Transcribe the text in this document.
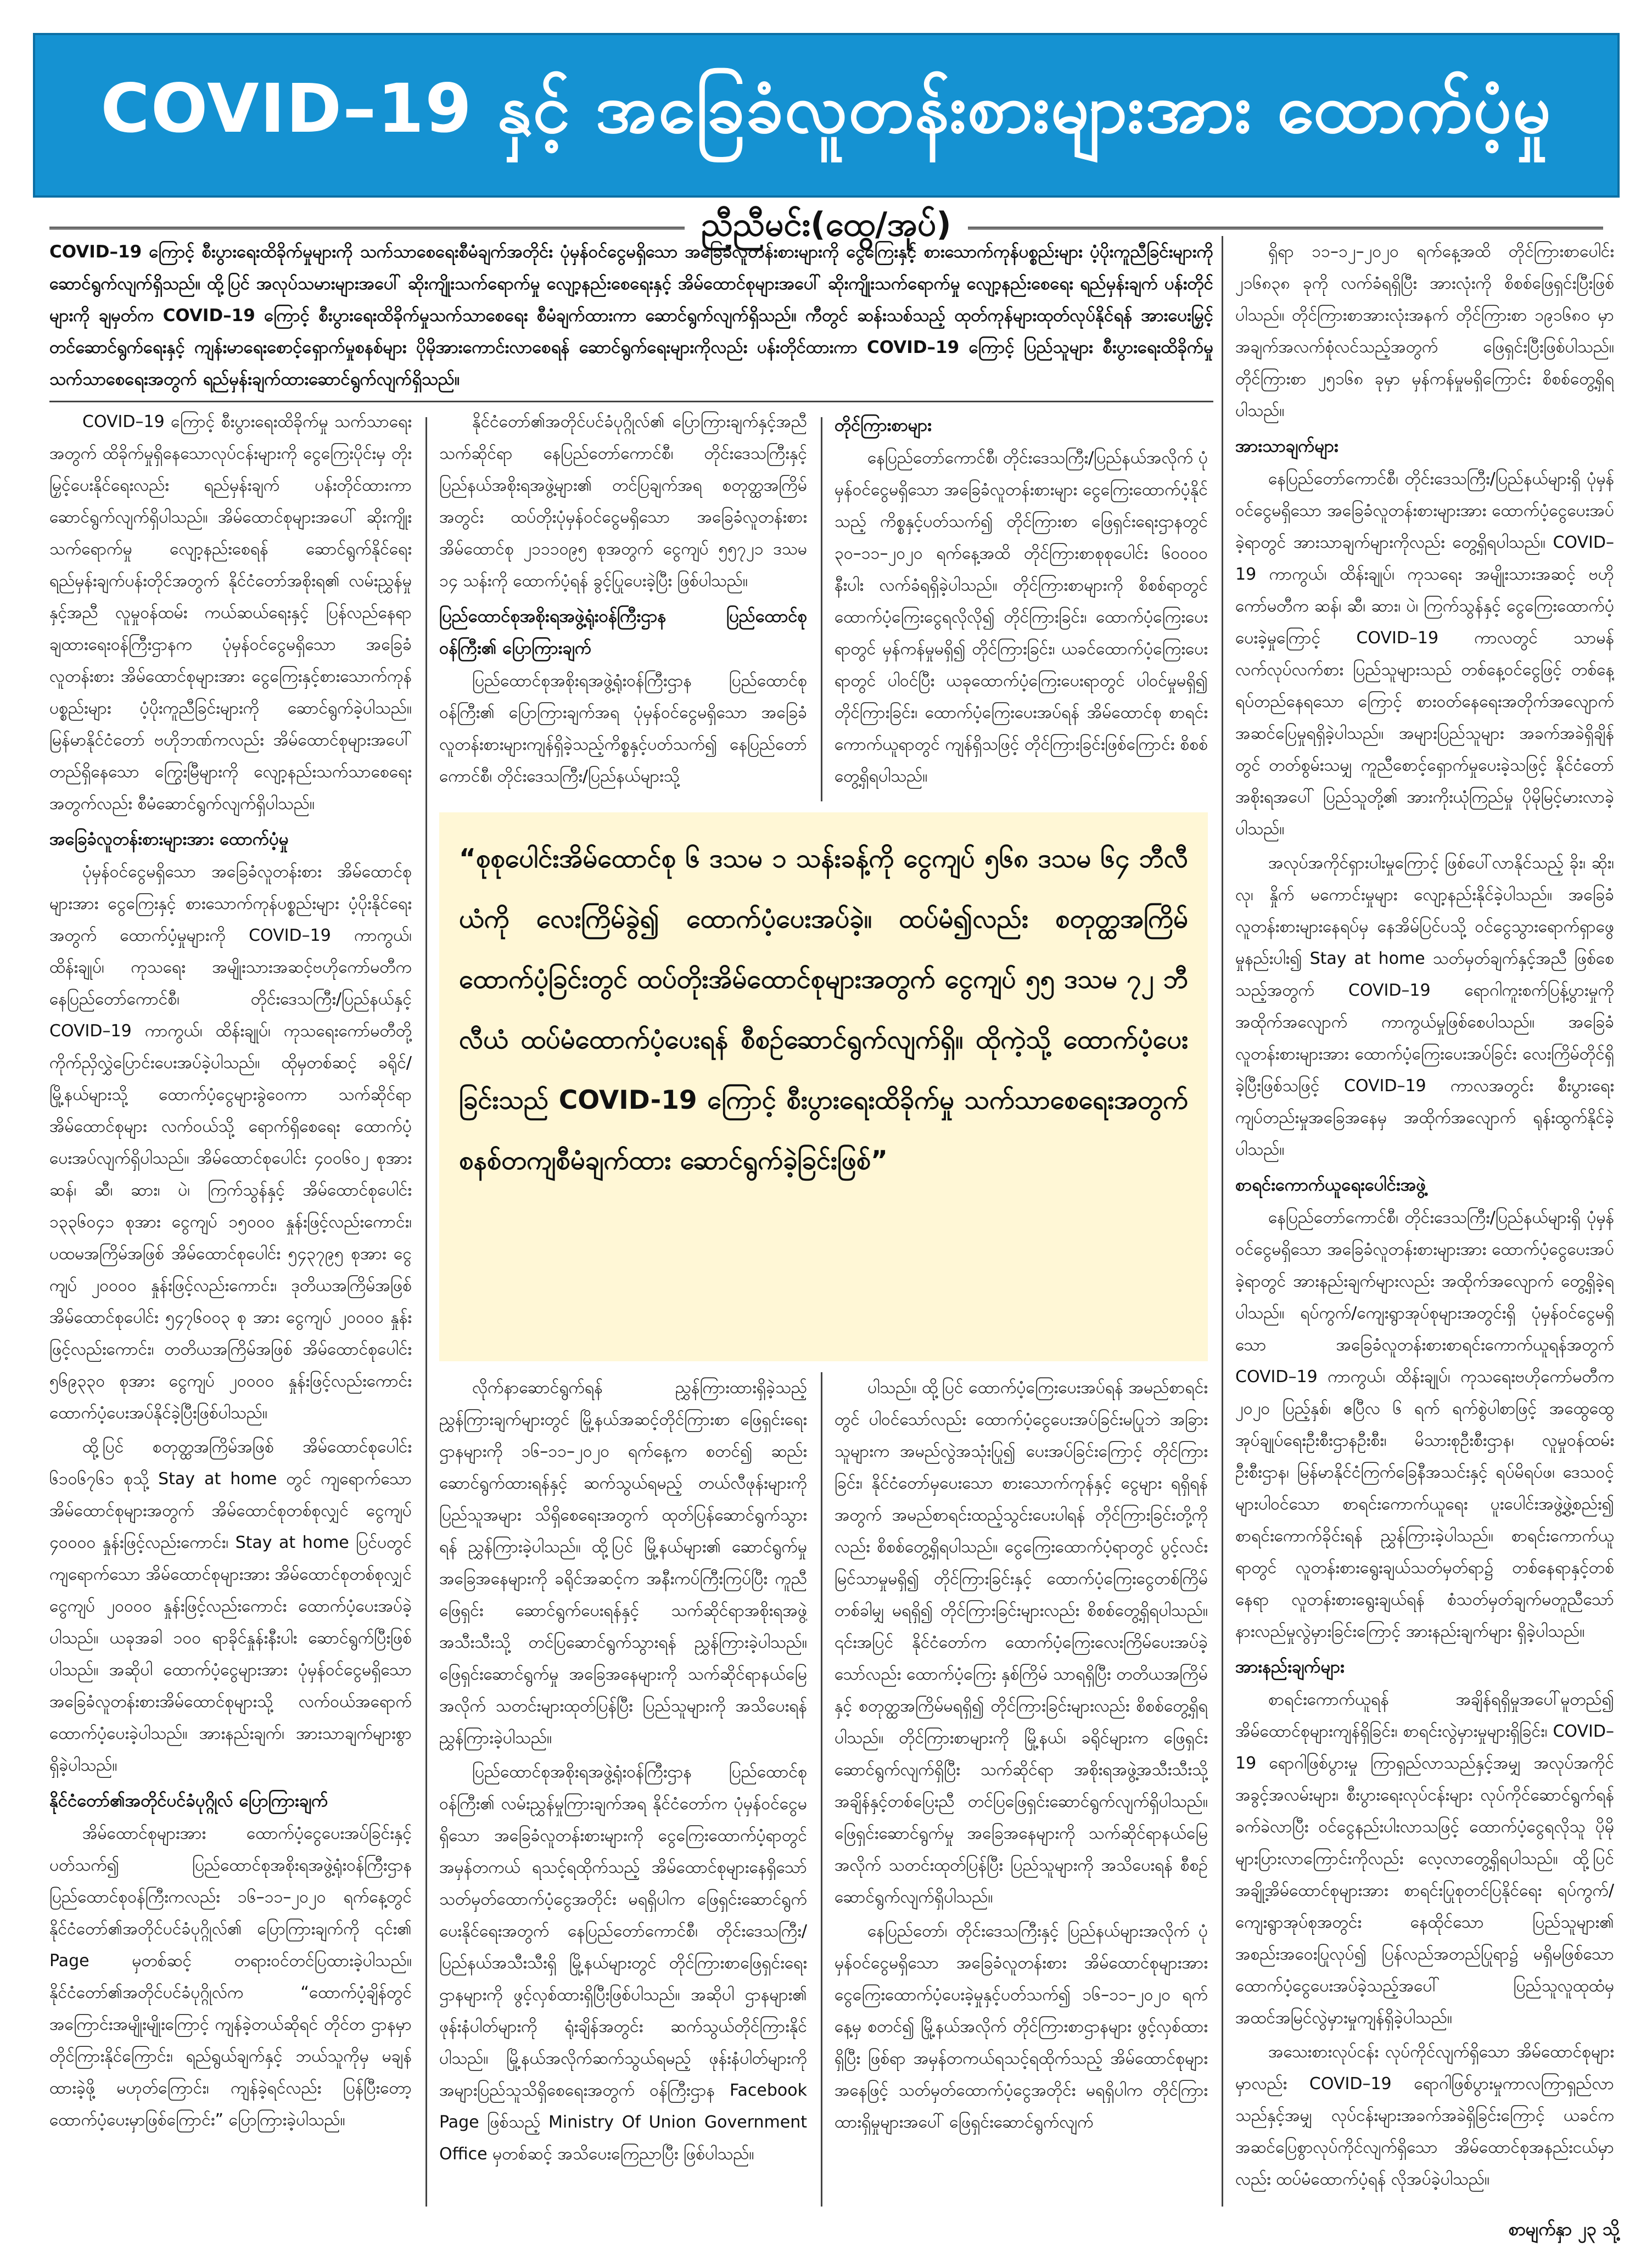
COVID–19 နှင့် အခြေခံလူတန်းစားများအား ထောက်ပံ့မှု
ညီညီမင်း(ထွေ/အုပ်)
COVID–19 ကြောင့် စီးပွားရေးထိခိုက်မှုများကို သက်သာစေရေးစီမံချက်အတိုင်း ပုံမှန်ဝင်ငွေမရှိသော အခြေခံလူတန်းစားများကို ငွေကြေးနှင့် စားသောက်ကုန်ပစ္စည်းများ ပံ့ပိုးကူညီခြင်းများကို ဆောင်ရွက်လျက်ရှိသည်။ ထို့ပြင် အလုပ်သမားများအပေါ် ဆိုးကျိုးသက်ရောက်မှု လျော့နည်းစေရေးနှင့် အိမ်ထောင်စုများအပေါ် ဆိုးကျိုးသက်ရောက်မှု လျော့နည်းစေရေး ရည်မှန်းချက် ပန်းတိုင်များကို ချမှတ်က COVID–19 ကြောင့် စီးပွားရေးထိခိုက်မှုသက်သာစေရေး စီမံချက်ထားကာ ဆောင်ရွက်လျက်ရှိသည်။ ကီတွင် ဆန်းသစ်သည့် ထုတ်ကုန်များထုတ်လုပ်နိုင်ရန် အားပေးမြှင့်တင်ဆောင်ရွက်ရေးနှင့် ကျန်းမာရေးစောင့်ရှောက်မှုစနစ်များ ပိုမိုအားကောင်းလာစေရန် ဆောင်ရွက်ရေးများကိုလည်း ပန်းတိုင်ထားကာ COVID–19 ကြောင့် ပြည်သူများ စီးပွားရေးထိခိုက်မှု သက်သာစေရေးအတွက် ရည်မှန်းချက်ထားဆောင်ရွက်လျက်ရှိသည်။

COVID–19 ကြောင့် စီးပွားရေးထိခိုက်မှု သက်သာရေးအတွက် ထိခိုက်မှုရှိနေသောလုပ်ငန်းများကို ငွေကြေးပိုင်းမှ တိုးမြှင့်ပေးနိုင်ရေးလည်း ရည်မှန်းချက် ပန်းတိုင်ထားကာ ဆောင်ရွက်လျက်ရှိပါသည်။ အိမ်ထောင်စုများအပေါ် ဆိုးကျိုးသက်ရောက်မှု လျော့နည်းစေရန် ဆောင်ရွက်နိုင်ရေး ရည်မှန်းချက်ပန်းတိုင်အတွက် နိုင်ငံတော်အစိုးရ၏ လမ်းညွှန်မှုနှင့်အညီ လူမှုဝန်ထမ်း ကယ်ဆယ်ရေးနှင့် ပြန်လည်နေရာချထားရေးဝန်ကြီးဌာနက ပုံမှန်ဝင်ငွေမရှိသော အခြေခံလူတန်းစား အိမ်ထောင်စုများအား ငွေကြေးနှင့်စားသောက်ကုန်ပစ္စည်းများ ပံ့ပိုးကူညီခြင်းများကို ဆောင်ရွက်ခဲ့ပါသည်။ မြန်မာနိုင်ငံတော် ဗဟိုဘဏ်ကလည်း အိမ်ထောင်စုများအပေါ် တည်ရှိနေသော ကြွေးမြီများကို လျော့နည်းသက်သာစေရေးအတွက်လည်း စီမံဆောင်ရွက်လျက်ရှိပါသည်။

အခြေခံလူတန်းစားများအား ထောက်ပံ့မှု

ပုံမှန်ဝင်ငွေမရှိသော အခြေခံလူတန်းစား အိမ်ထောင်စုများအား ငွေကြေးနှင့် စားသောက်ကုန်ပစ္စည်းများ ပံ့ပိုးနိုင်ရေးအတွက် ထောက်ပံ့မှုများကို COVID–19 ကာကွယ်၊ ထိန်းချုပ်၊ ကုသရေး အမျိုးသားအဆင့်ဗဟိုကော်မတီက နေပြည်တော်ကောင်စီ၊ တိုင်းဒေသကြီး/ပြည်နယ်နှင့် COVID–19 ကာကွယ်၊ ထိန်းချုပ်၊ ကုသရေးကော်မတီတို့ ကိုက်ညှိလွှဲပြောင်းပေးအပ်ခဲ့ပါသည်။ ထိုမှတစ်ဆင့် ခရိုင်/မြို့နယ်များသို့ ထောက်ပံ့ငွေများခွဲဝေကာ သက်ဆိုင်ရာအိမ်ထောင်စုများ လက်ဝယ်သို့ ရောက်ရှိစေရေး ထောက်ပံ့ပေးအပ်လျက်ရှိပါသည်။ အိမ်ထောင်စုပေါင်း ၄၀၀၆၀၂ စုအား ဆန်၊ ဆီ၊ ဆား၊ ပဲ၊ ကြက်သွန်နှင့် အိမ်ထောင်စုပေါင်း ၁၃၃၆၀၄၁ စုအား ငွေကျပ် ၁၅၀၀၀ နှုန်းဖြင့်လည်းကောင်း၊ ပထမအကြိမ်အဖြစ် အိမ်ထောင်စုပေါင်း ၅၄၃၇၉၅ စုအား ငွေကျပ် ၂၀၀၀၀ နှုန်းဖြင့်လည်းကောင်း၊ ဒုတိယအကြိမ်အဖြစ် အိမ်ထောင်စုပေါင်း ၅၄၇၆၀၀၃ စု အား ငွေကျပ် ၂၀၀၀၀ နှုန်းဖြင့်လည်းကောင်း၊ တတိယအကြိမ်အဖြစ် အိမ်ထောင်စုပေါင်း ၅၆၉၃၃၀ စုအား ငွေကျပ် ၂၀၀၀၀ နှုန်းဖြင့်လည်းကောင်း ထောက်ပံ့ပေးအပ်နိုင်ခဲ့ပြီးဖြစ်ပါသည်။

ထို့ပြင် စတုတ္ထအကြိမ်အဖြစ် အိမ်ထောင်စုပေါင်း ၆၁၀၆၇၆၁ စုသို့ Stay at home တွင် ကျရောက်သော အိမ်ထောင်စုများအတွက် အိမ်ထောင်စုတစ်စုလျှင် ငွေကျပ် ၄၀၀၀၀ နှုန်းဖြင့်လည်းကောင်း၊ Stay at home ပြင်ပတွင် ကျရောက်သော အိမ်ထောင်စုများအား အိမ်ထောင်စုတစ်စုလျှင် ငွေကျပ် ၂၀၀၀၀ နှုန်းဖြင့်လည်းကောင်း ထောက်ပံ့ပေးအပ်ခဲ့ပါသည်။ ယခုအခါ ၁၀၀ ရာခိုင်နှုန်းနီးပါး ဆောင်ရွက်ပြီးဖြစ်ပါသည်။ အဆိုပါ ထောက်ပံ့ငွေများအား ပုံမှန်ဝင်ငွေမရှိသော အခြေခံလူတန်းစားအိမ်ထောင်စုများသို့ လက်ဝယ်အရောက် ထောက်ပံ့ပေးခဲ့ပါသည်။ အားနည်းချက်၊ အားသာချက်များစွာ ရှိခဲ့ပါသည်။

နိုင်ငံတော်၏အတိုင်ပင်ခံပုဂ္ဂိုလ် ပြောကြားချက်

အိမ်ထောင်စုများအား ထောက်ပံ့ငွေပေးအပ်ခြင်းနှင့် ပတ်သက်၍ ပြည်ထောင်စုအစိုးရအဖွဲ့ရုံးဝန်ကြီးဌာန ပြည်ထောင်စုဝန်ကြီးကလည်း ၁၆–၁၁–၂၀၂၀ ရက်နေ့တွင် နိုင်ငံတော်၏အတိုင်ပင်ခံပုဂ္ဂိုလ်၏ ပြောကြားချက်ကို ၎င်း၏ Page မှတစ်ဆင့် တရားဝင်တင်ပြထားခဲ့ပါသည်။ နိုင်ငံတော်၏အတိုင်ပင်ခံပုဂ္ဂိုလ်က “ထောက်ပံ့ချိန်တွင် အကြောင်းအမျိုးမျိုးကြောင့် ကျန်ခဲ့တယ်ဆိုရင် တိုင်တ ဌာနမှာ တိုင်ကြားနိုင်ကြောင်း၊ ရည်ရွယ်ချက်နှင့် ဘယ်သူကိုမှ မချန်ထားခဲ့ဖို့ မဟုတ်ကြောင်း၊ ကျန်ခဲ့ရင်လည်း ပြန်ပြီးတော့ ထောက်ပံ့ပေးမှာဖြစ်ကြောင်း” ပြောကြားခဲ့ပါသည်။

နိုင်ငံတော်၏အတိုင်ပင်ခံပုဂ္ဂိုလ်၏ ပြောကြားချက်နှင့်အညီ သက်ဆိုင်ရာ နေပြည်တော်ကောင်စီ၊ တိုင်းဒေသကြီးနှင့် ပြည်နယ်အစိုးရအဖွဲ့များ၏ တင်ပြချက်အရ စတုတ္ထအကြိမ်အတွင်း ထပ်တိုးပုံမှန်ဝင်ငွေမရှိသော အခြေခံလူတန်းစားအိမ်ထောင်စု ၂၁၁၁၀၉၅ စုအတွက် ငွေကျပ် ၅၅၇၂၁ ဒသမ ၁၄ သန်းကို ထောက်ပံ့ရန် ခွင့်ပြုပေးခဲ့ပြီး ဖြစ်ပါသည်။

ပြည်ထောင်စုအစိုးရအဖွဲ့ရုံးဝန်ကြီးဌာန ပြည်ထောင်စုဝန်ကြီး၏ ပြောကြားချက်

ပြည်ထောင်စုအစိုးရအဖွဲ့ရုံးဝန်ကြီးဌာန ပြည်ထောင်စုဝန်ကြီး၏ ပြောကြားချက်အရ ပုံမှန်ဝင်ငွေမရှိသော အခြေခံလူတန်းစားများကျန်ရှိခဲ့သည့်ကိစ္စနှင့်ပတ်သက်၍ နေပြည်တော်ကောင်စီ၊ တိုင်းဒေသကြီး/ပြည်နယ်များသို့

တိုင်ကြားစာများ

နေပြည်တော်ကောင်စီ၊ တိုင်းဒေသကြီး/ပြည်နယ်အလိုက် ပုံမှန်ဝင်ငွေမရှိသော အခြေခံလူတန်းစားများ ငွေကြေးထောက်ပံ့နိုင်သည့် ကိစ္စနှင့်ပတ်သက်၍ တိုင်ကြားစာ ဖြေရှင်းရေးဌာနတွင် ၃၀–၁၁–၂၀၂၀ ရက်နေ့အထိ တိုင်ကြားစာစုစုပေါင်း ၆၀၀၀၀ နီးပါး လက်ခံရရှိခဲ့ပါသည်။ တိုင်ကြားစာများကို စိစစ်ရာတွင် ထောက်ပံ့ကြေးငွေရလိုလို၍ တိုင်ကြားခြင်း၊ ထောက်ပံ့ကြေးပေးရာတွင် မှန်ကန်မှုမရှိ၍ တိုင်ကြားခြင်း၊ ယခင်ထောက်ပံ့ကြေးပေးရာတွင် ပါဝင်ပြီး ယခုထောက်ပံ့ကြေးပေးရာတွင် ပါဝင်မှုမရှိ၍ တိုင်ကြားခြင်း၊ ထောက်ပံ့ကြေးပေးအပ်ရန် အိမ်ထောင်စု စာရင်းကောက်ယူရာတွင် ကျန်ရှိသဖြင့် တိုင်ကြားခြင်းဖြစ်ကြောင်း စိစစ်တွေ့ရှိရပါသည်။

“စုစုပေါင်းအိမ်ထောင်စု ၆ ဒသမ ၁ သန်းခန့်ကို ငွေကျပ် ၅၆၈ ဒသမ ၆၄ ဘီလီယံကို လေးကြိမ်ခွဲ၍ ထောက်ပံ့ပေးအပ်ခဲ့။ ထပ်မံ၍လည်း စတုတ္ထအကြိမ် ထောက်ပံ့ခြင်းတွင် ထပ်တိုးအိမ်ထောင်စုများအတွက် ငွေကျပ် ၅၅ ဒသမ ၇၂ ဘီလီယံ ထပ်မံထောက်ပံ့ပေးရန် စီစဉ်ဆောင်ရွက်လျက်ရှိ။ ထိုကဲ့သို့ ထောက်ပံ့ပေးခြင်းသည် COVID-19 ကြောင့် စီးပွားရေးထိခိုက်မှု သက်သာစေရေးအတွက် စနစ်တကျစီမံချက်ထား ဆောင်ရွက်ခဲ့ခြင်းဖြစ်”

လိုက်နာဆောင်ရွက်ရန် ညွှန်ကြားထားရှိခဲ့သည့် ညွှန်ကြားချက်များတွင် မြို့နယ်အဆင့်တိုင်ကြားစာ ဖြေရှင်းရေးဌာနများကို ၁၆–၁၁–၂၀၂၀ ရက်နေ့က စတင်၍ ဆည်းဆောင်ရွက်ထားရန်နှင့် ဆက်သွယ်ရမည့် တယ်လီဖုန်းများကို ပြည်သူအများ သိရှိစေရေးအတွက် ထုတ်ပြန်ဆောင်ရွက်သွားရန် ညွှန်ကြားခဲ့ပါသည်။ ထို့ပြင် မြို့နယ်များ၏ ဆောင်ရွက်မှုအခြေအနေများကို ခရိုင်အဆင့်က အနီးကပ်ကြီးကြပ်ပြီး ကူညီဖြေရှင်း ဆောင်ရွက်ပေးရန်နှင့် သက်ဆိုင်ရာအစိုးရအဖွဲ့အသီးသီးသို့ တင်ပြဆောင်ရွက်သွားရန် ညွှန်ကြားခဲ့ပါသည်။ ဖြေရှင်းဆောင်ရွက်မှု အခြေအနေများကို သက်ဆိုင်ရာနယ်မြေအလိုက် သတင်းများထုတ်ပြန်ပြီး ပြည်သူများကို အသိပေးရန် ညွှန်ကြားခဲ့ပါသည်။

ပြည်ထောင်စုအစိုးရအဖွဲ့ရုံးဝန်ကြီးဌာန ပြည်ထောင်စုဝန်ကြီး၏ လမ်းညွှန်မှုကြားချက်အရ နိုင်ငံတော်က ပုံမှန်ဝင်ငွေမရှိသော အခြေခံလူတန်းစားများကို ငွေကြေးထောက်ပံ့ရာတွင် အမှန်တကယ် ရသင့်ရထိုက်သည့် အိမ်ထောင်စုများနေရှိသော် သတ်မှတ်ထောက်ပံ့ငွေအတိုင်း မရရှိပါက ဖြေရှင်းဆောင်ရွက်ပေးနိုင်ရေးအတွက် နေပြည်တော်ကောင်စီ၊ တိုင်းဒေသကြီး/ပြည်နယ်အသီးသီးရှိ မြို့နယ်များတွင် တိုင်ကြားစာဖြေရှင်းရေးဌာနများကို ဖွင့်လှစ်ထားရှိပြီးဖြစ်ပါသည်။ အဆိုပါ ဌာနများ၏ ဖုန်းနံပါတ်များကို ရုံးချိန်အတွင်း ဆက်သွယ်တိုင်ကြားနိုင်ပါသည်။ မြို့နယ်အလိုက်ဆက်သွယ်ရမည့် ဖုန်းနံပါတ်များကို အများပြည်သူသိရှိစေရေးအတွက် ဝန်ကြီးဌာန Facebook Page ဖြစ်သည့် Ministry Of Union Government Office မှတစ်ဆင့် အသိပေးကြေညာပြီး ဖြစ်ပါသည်။

ပါသည်။ ထို့ပြင် ထောက်ပံ့ကြေးပေးအပ်ရန် အမည်စာရင်းတွင် ပါဝင်သော်လည်း ထောက်ပံ့ငွေပေးအပ်ခြင်းမပြုဘဲ အခြားသူများက အမည်လွဲအသုံးပြု၍ ပေးအပ်ခြင်းကြောင့် တိုင်ကြားခြင်း၊ နိုင်ငံတော်မှပေးသော စားသောက်ကုန်နှင့် ငွေများ ရရှိရန်အတွက် အမည်စာရင်းထည့်သွင်းပေးပါရန် တိုင်ကြားခြင်းတို့ကိုလည်း စိစစ်တွေ့ရှိရပါသည်။ ငွေကြေးထောက်ပံ့ရာတွင် ပွင့်လင်းမြင်သာမှုမရှိ၍ တိုင်ကြားခြင်းနှင့် ထောက်ပံ့ကြေးငွေတစ်ကြိမ်တစ်ခါမျှ မရရှိ၍ တိုင်ကြားခြင်းများလည်း စိစစ်တွေ့ရှိရပါသည်။ ၎င်းအပြင် နိုင်ငံတော်က ထောက်ပံ့ကြေးလေးကြိမ်ပေးအပ်ခဲ့သော်လည်း ထောက်ပံ့ကြေး နှစ်ကြိမ် သာရရှိပြီး တတိယအကြိမ်နှင့် စတုတ္ထအကြိမ်မရရှိ၍ တိုင်ကြားခြင်းများလည်း စိစစ်တွေ့ရှိရပါသည်။ တိုင်ကြားစာများကို မြို့နယ်၊ ခရိုင်များက ဖြေရှင်းဆောင်ရွက်လျက်ရှိပြီး သက်ဆိုင်ရာ အစိုးရအဖွဲ့အသီးသီးသို့ အချိန်နှင့်တစ်ပြေးညီ တင်ပြဖြေရှင်းဆောင်ရွက်လျက်ရှိပါသည်။ ဖြေရှင်းဆောင်ရွက်မှု အခြေအနေများကို သက်ဆိုင်ရာနယ်မြေအလိုက် သတင်းထုတ်ပြန်ပြီး ပြည်သူများကို အသိပေးရန် စီစဉ်ဆောင်ရွက်လျက်ရှိပါသည်။

နေပြည်တော်၊ တိုင်းဒေသကြီးနှင့် ပြည်နယ်များအလိုက် ပုံမှန်ဝင်ငွေမရှိသော အခြေခံလူတန်းစား အိမ်ထောင်စုများအား ငွေကြေးထောက်ပံ့ပေးခဲ့မှုနှင့်ပတ်သက်၍ ၁၆–၁၁–၂၀၂၀ ရက်နေ့မှ စတင်၍ မြို့နယ်အလိုက် တိုင်ကြားစာဌာနများ ဖွင့်လှစ်ထားရှိပြီး ဖြစ်ရာ အမှန်တကယ်ရသင့်ရထိုက်သည့် အိမ်ထောင်စုများ အနေဖြင့် သတ်မှတ်ထောက်ပံ့ငွေအတိုင်း မရရှိပါက တိုင်ကြားထားရှိမှုများအပေါ် ဖြေရှင်းဆောင်ရွက်လျက်

ရှိရာ ၁၁–၁၂–၂၀၂၀ ရက်နေ့အထိ တိုင်ကြားစာပေါင်း ၂၁၆၈၃၈ ခုကို လက်ခံရရှိပြီး အားလုံးကို စိစစ်ဖြေရှင်းပြီးဖြစ်ပါသည်။ တိုင်ကြားစာအားလုံးအနက် တိုင်ကြားစာ ၁၉၁၆၈၀ မှာ အချက်အလက်စုံလင်သည့်အတွက် ဖြေရှင်းပြီးဖြစ်ပါသည်။ တိုင်ကြားစာ ၂၅၁၆၈ ခုမှာ မှန်ကန်မှုမရှိကြောင်း စိစစ်တွေ့ရှိရပါသည်။

အားသာချက်များ

နေပြည်တော်ကောင်စီ၊ တိုင်းဒေသကြီး/ပြည်နယ်များရှိ ပုံမှန်ဝင်ငွေမရှိသော အခြေခံလူတန်းစားများအား ထောက်ပံ့ငွေပေးအပ်ခဲ့ရာတွင် အားသာချက်များကိုလည်း တွေ့ရှိရပါသည်။ COVID–19 ကာကွယ်၊ ထိန်းချုပ်၊ ကုသရေး အမျိုးသားအဆင့် ဗဟိုကော်မတီက ဆန်၊ ဆီ၊ ဆား၊ ပဲ၊ ကြက်သွန်နှင့် ငွေကြေးထောက်ပံ့ပေးခဲ့မှုကြောင့် COVID–19 ကာလတွင် သာမန်လက်လုပ်လက်စား ပြည်သူများသည် တစ်နေ့ဝင်ငွေဖြင့် တစ်နေ့ရပ်တည်နေရသော ကြောင့် စားဝတ်နေရေးအတိုက်အလျောက် အဆင်ပြေမှုရရှိခဲ့ပါသည်။ အများပြည်သူများ အခက်အခဲရှိချိန်တွင် တတ်စွမ်းသမျှ ကူညီစောင့်ရှောက်မှုပေးခဲ့သဖြင့် နိုင်ငံတော်အစိုးရအပေါ် ပြည်သူတို့၏ အားကိုးယုံကြည်မှု ပိုမိုမြင့်မားလာခဲ့ပါသည်။

အလုပ်အကိုင်ရှားပါးမှုကြောင့် ဖြစ်ပေါ်လာနိုင်သည့် ခိုး၊ ဆိုး၊ လု၊ နှိုက် မကောင်းမှုများ လျော့နည်းနိုင်ခဲ့ပါသည်။ အခြေခံလူတန်းစားများနေရပ်မှ နေအိမ်ပြင်ပသို့ ဝင်ငွေသွားရောက်ရှာဖွေမှုနည်းပါး၍ Stay at home သတ်မှတ်ချက်နှင့်အညီ ဖြစ်စေသည့်အတွက် COVID–19 ရောဂါကူးစက်ပြန့်ပွားမှုကို အထိုက်အလျောက် ကာကွယ်မှုဖြစ်စေပါသည်။ အခြေခံလူတန်းစားများအား ထောက်ပံ့ကြေးပေးအပ်ခြင်း လေးကြိမ်တိုင်ရှိခဲ့ပြီးဖြစ်သဖြင့် COVID–19 ကာလအတွင်း စီးပွားရေးကျပ်တည်းမှုအခြေအနေမှ အထိုက်အလျောက် ရုန်းထွက်နိုင်ခဲ့ပါသည်။

စာရင်းကောက်ယူရေးပေါင်းအဖွဲ့

နေပြည်တော်ကောင်စီ၊ တိုင်းဒေသကြီး/ပြည်နယ်များရှိ ပုံမှန်ဝင်ငွေမရှိသော အခြေခံလူတန်းစားများအား ထောက်ပံ့ငွေပေးအပ်ခဲ့ရာတွင် အားနည်းချက်များလည်း အထိုက်အလျောက် တွေ့ရှိခဲ့ရပါသည်။ ရပ်ကွက်/ကျေးရွာအုပ်စုများအတွင်းရှိ ပုံမှန်ဝင်ငွေမရှိသော အခြေခံလူတန်းစားစာရင်းကောက်ယူရန်အတွက် COVID–19 ကာကွယ်၊ ထိန်းချုပ်၊ ကုသရေးဗဟိုကော်မတီက ၂၀၂၀ ပြည့်နှစ်၊ ဧပြီလ ၆ ရက် ရက်စွဲပါစာဖြင့် အထွေထွေအုပ်ချုပ်ရေးဦးစီးဌာနဦးစီး၊ မိသားစုဦးစီးဌာန၊ လူမှုဝန်ထမ်းဦးစီးဌာန၊ မြန်မာနိုင်ငံကြက်ခြေနီအသင်းနှင့် ရပ်မိရပ်ဖ၊ ဒေသဝင့်များပါဝင်သော စာရင်းကောက်ယူရေး ပူးပေါင်းအဖွဲ့ဖွဲ့စည်း၍ စာရင်းကောက်ခိုင်းရန် ညွှန်ကြားခဲ့ပါသည်။ စာရင်းကောက်ယူရာတွင် လူတန်းစားရွေးချယ်သတ်မှတ်ရာ၌ တစ်နေရာနှင့်တစ်နေရာ လူတန်းစားရွေးချယ်ရန် စံသတ်မှတ်ချက်မတူညီသော် နားလည်မှုလွဲမှားခြင်းကြောင့် အားနည်းချက်များ ရှိခဲ့ပါသည်။

အားနည်းချက်များ

စာရင်းကောက်ယူရန် အချိန်ရရှိမှုအပေါ်မူတည်၍ အိမ်ထောင်စုများကျန်ရှိခြင်း၊ စာရင်းလွဲမှားမှုများရှိခြင်း၊ COVID–19 ရောဂါဖြစ်ပွားမှု ကြာရှည်လာသည်နှင့်အမျှ အလုပ်အကိုင်အခွင့်အလမ်းများ၊ စီးပွားရေးလုပ်ငန်းများ လုပ်ကိုင်ဆောင်ရွက်ရန် ခက်ခဲလာပြီး ဝင်ငွေနည်းပါးလာသဖြင့် ထောက်ပံ့ငွေရလိုသူ ပိုမိုများပြားလာကြောင်းကိုလည်း လေ့လာတွေ့ရှိရပါသည်။ ထို့ပြင် အချို့အိမ်ထောင်စုများအား စာရင်းပြုစုတင်ပြနိုင်ရေး ရပ်ကွက်/ကျေးရွာအုပ်စုအတွင်း နေထိုင်သော ပြည်သူများ၏ အစည်းအဝေးပြုလုပ်၍ ပြန်လည်အတည်ပြုရာ၌ မရှိမဖြစ်သော ထောက်ပံ့ငွေပေးအပ်ခဲ့သည့်အပေါ် ပြည်သူလူထုထံမှ အထင်အမြင်လွဲမှားမှုကျန်ရှိခဲ့ပါသည်။

အသေးစားလုပ်ငန်း လုပ်ကိုင်လျက်ရှိသော အိမ်ထောင်စုများမှာလည်း COVID–19 ရောဂါဖြစ်ပွားမှုကာလကြာရှည်လာသည်နှင့်အမျှ လုပ်ငန်းများအခက်အခဲရှိခြင်းကြောင့် ယခင်ကအဆင်ပြေစွာလုပ်ကိုင်လျက်ရှိသော အိမ်ထောင်စုအနည်းငယ်မှာလည်း ထပ်မံထောက်ပံ့ရန် လိုအပ်ခဲ့ပါသည်။

စာမျက်နှာ ၂၃ သို့
